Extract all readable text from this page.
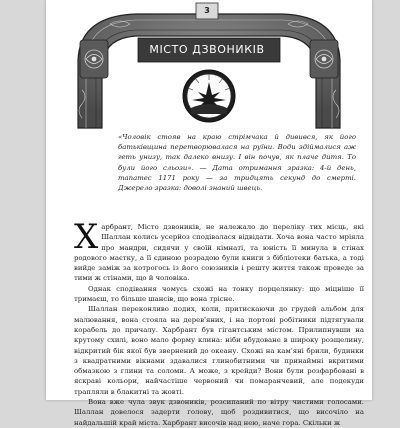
3
МІСТО ДЗВОНИКІВ
«Чоловік стояв на краю стрімчака й дивився, як його батьківщина перетворювалася на руїни. Води здіймалися аж геть унизу, так далеко внизу. І він почув, як плаче дитя. То були його сльози». — Дата отримання зразка: 4-й день, тапатес 1171 року — за тридцять секунд до смерті. Джерело зразка: доволі знаний швець.

Харбрант, Місто дзвоників, не належало до переліку тих місць, які Шаллан колись усерйоз сподівалася відвідати. Хоча вона часто мріяла про мандри, сидячи у своїй кімнаті, та юність її минула в стінах родового маєтку, а її єдиною розрадою були книги з бібліотеки батька, а тоді вийде заміж за котрогось із його союзників і решту життя також проведе за тими ж стінами, що й чоловіка.

Однак сподівання чомусь схожі на тонку порцелянку: що міцніше її тримаєш, то більше шансів, що вона трісне.

Шаллан переконливо подих, коли, притискаючи до грудей альбом для малювання, вона стояла на дерев'яних, і на портові робітники підтягували корабель до причалу. Харбрант був гігантським містом. Прилипнувши на крутому схилі, воно мало форму клина: ніби вбудоване в широку розщелину, відкритий бік якої був звернений до океану. Схожі на кам'яні брили, будинки з квадратними вікнами здавалися глинобитними чи принаймні вкритими обмазкою з глини та соломи. А може, з крейди? Вони були розфарбовані в яскраві кольори, найчастіше червоний чи помаранчевий, але подекуди трапляли в блакитні та жовті.

Вона вже чула звук дзвоників, розсипаний по вітру чистими голосами. Шаллан довелося задерти голову, щоб роздивитися, що височіло на найдальшій край міста. Харбрант височів над нею, наче гора. Скільки ж
